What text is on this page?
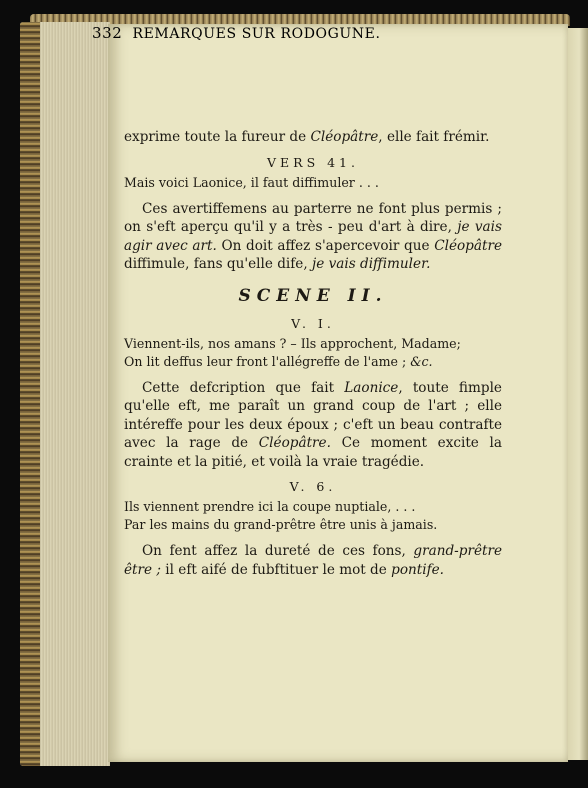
332 REMARQUES SUR RODOGUNE.

exprime toute la fureur de Cléopâtre, elle fait frémir.

VERS 41.

Mais voici Laonice, il faut diffimuler . . .

Ces avertiffemens au parterre ne font plus permis ; on s'eft aperçu qu'il y a très - peu d'art à dire, je vais agir avec art. On doit affez s'apercevoir que Cléopâtre diffimule, fans qu'elle dife, je vais diffimuler.

SCENE II.
V. I.

Viennent-ils, nos amans ? – Ils approchent, Madame;

On lit deffus leur front l'allégreffe de l'ame ; &c.

Cette defcription que fait Laonice, toute fimple qu'elle eft, me paraît un grand coup de l'art ; elle intéreffe pour les deux époux ; c'eft un beau contrafte avec la rage de Cléopâtre. Ce moment excite la crainte et la pitié, et voilà la vraie tragédie.

V. 6.

Ils viennent prendre ici la coupe nuptiale, . . .

Par les mains du grand-prêtre être unis à jamais.

On fent affez la dureté de ces fons, grand-prêtre être ; il eft aifé de fubftituer le mot de pontife.
